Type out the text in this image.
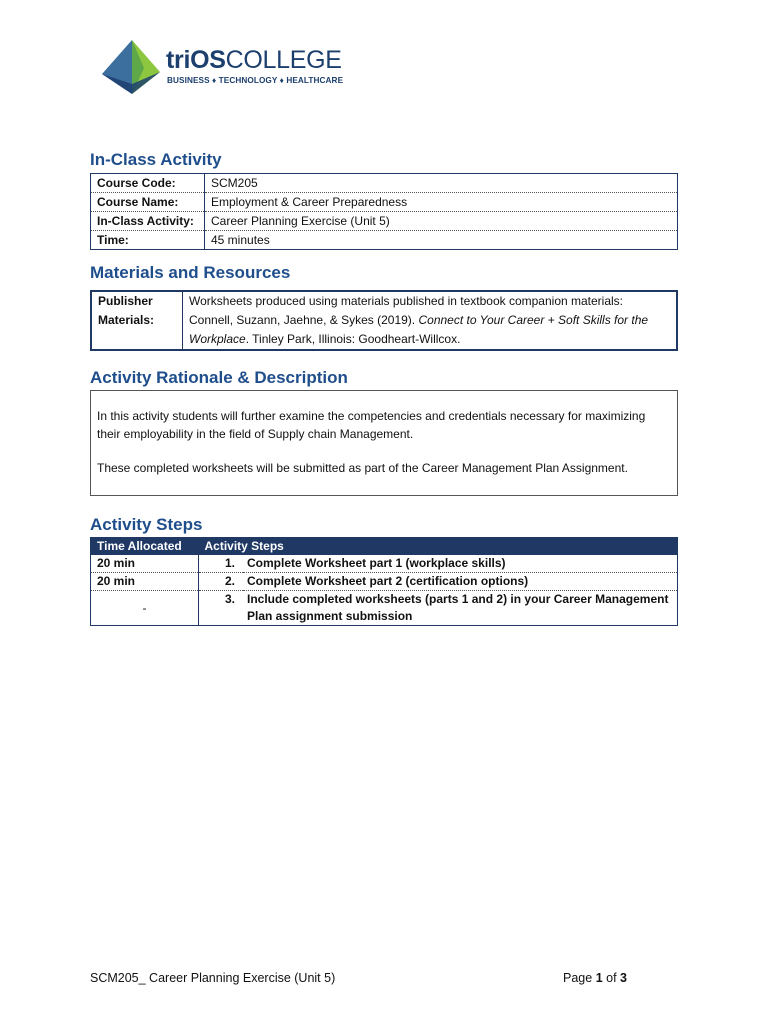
triOSCOLLEGE
BUSINESS ♦ TECHNOLOGY ♦ HEALTHCARE
In-Class Activity
Course Code:	SCM205
Course Name:	Employment & Career Preparedness
In-Class Activity:	Career Planning Exercise (Unit 5)
Time:	45 minutes
Materials and Resources
Publisher
Materials:	Worksheets produced using materials published in textbook companion materials: Connell, Suzann, Jaehne, & Sykes (2019). Connect to Your Career + Soft Skills for the Workplace. Tinley Park, Illinois: Goodheart-Willcox.
Activity Rationale & Description

In this activity students will further examine the competencies and credentials necessary for maximizing their employability in the field of Supply chain Management.

These completed worksheets will be submitted as part of the Career Management Plan Assignment.

Activity Steps
Time Allocated	Activity Steps	
20 min	1.	Complete Worksheet part 1 (workplace skills)
20 min	2.	Complete Worksheet part 2 (certification options)
-	3.	Include completed worksheets (parts 1 and 2) in your Career Management Plan assignment submission
SCM205_ Career Planning Exercise (Unit 5)	Page 1 of 3
